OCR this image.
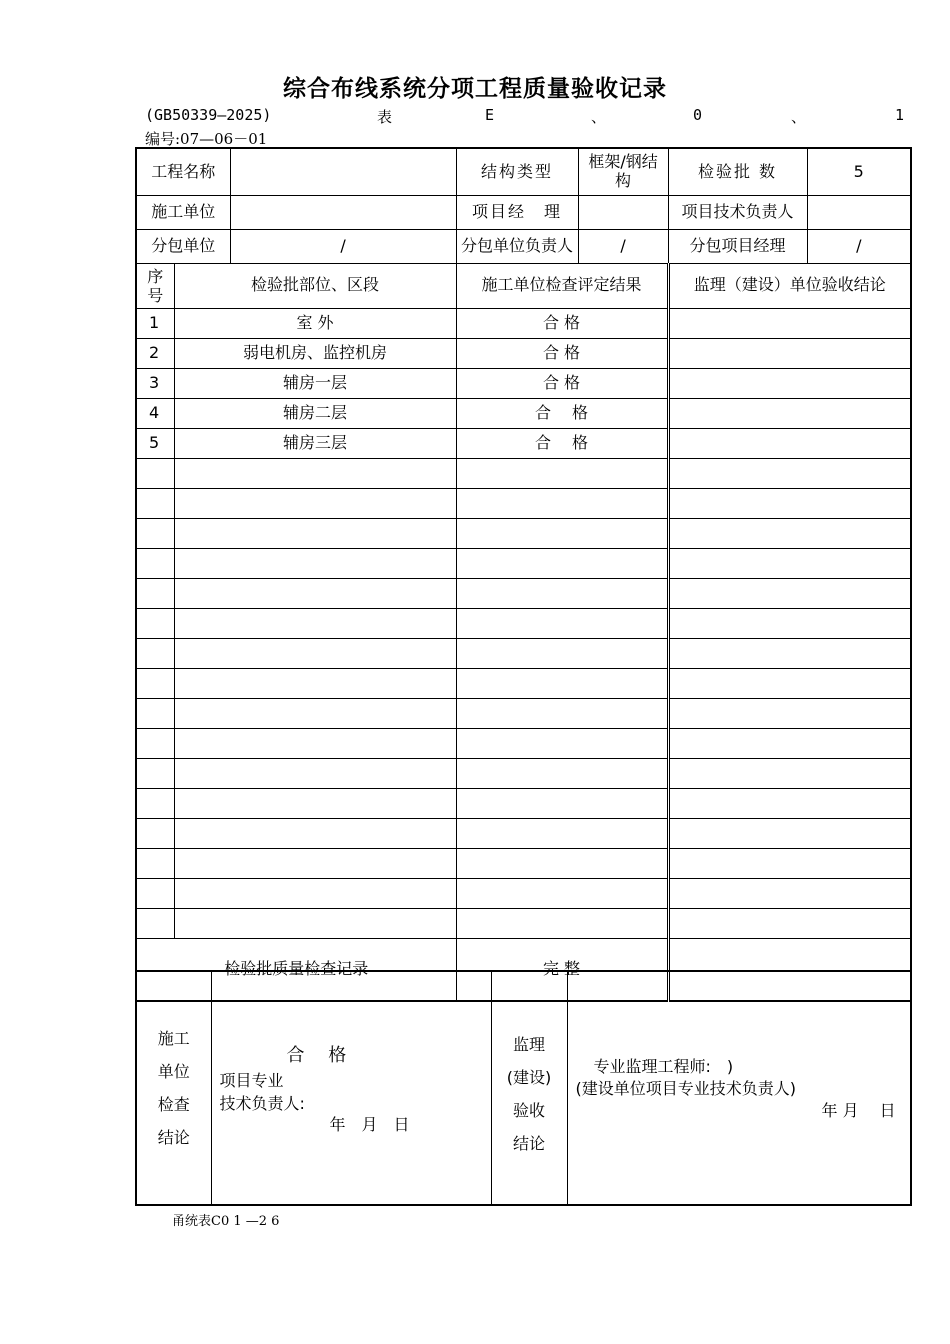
综合布线系统分项工程质量验收记录
(GB50339—2025)	表	E	、	0	、	1
编号:07—06－01
工程名称			结构类型	框架/钢结构	检验批 数	5
施工单位			项目经　理		项目技术负责人	
分包单位		/	分包单位负责人	/	分包项目经理	/
序号	检验批部位、区段		施工单位检查评定结果		监理（建设）单位验收结论	
1	室 外		合 格			
2	弱电机房、监控机房		合 格			
3	辅房一层		合 格			
4	辅房二层		合　 格			
5	辅房三层		合　 格			

检验批质量检查记录			完 整			
施工
单位
检查
结论

合　 格
项目专业
技术负责人:
年　月　日

监理
(建设)
验收
结论

专业监理工程师:　)
(建设单位项目专业技术负责人)
年 月　 日
甬统表C0 1 —2 6
